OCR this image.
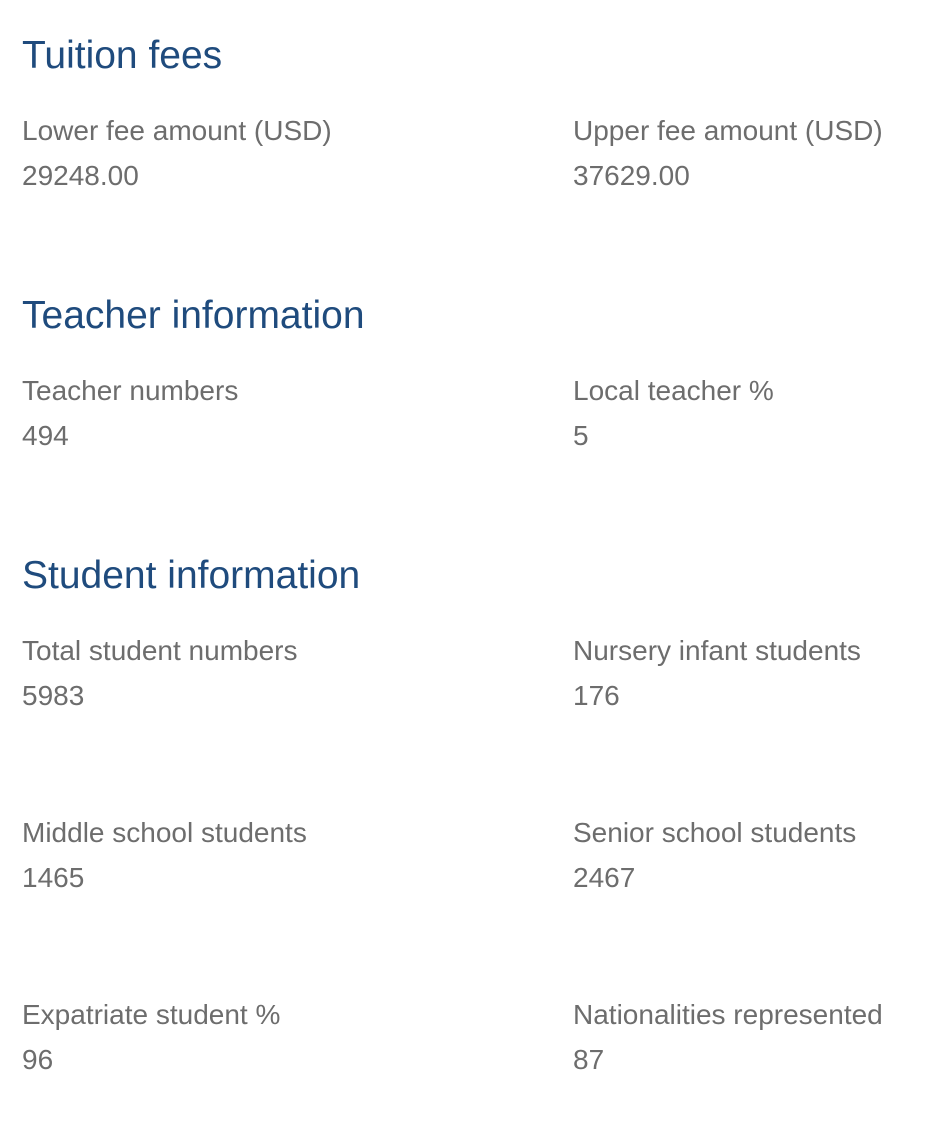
Tuition fees
Lower fee amount (USD)
29248.00
Upper fee amount (USD)
37629.00
Teacher information
Teacher numbers
494
Local teacher %
5
Student information
Total student numbers
5983
Nursery infant students
176
Middle school students
1465
Senior school students
2467
Expatriate student %
96
Nationalities represented
87
